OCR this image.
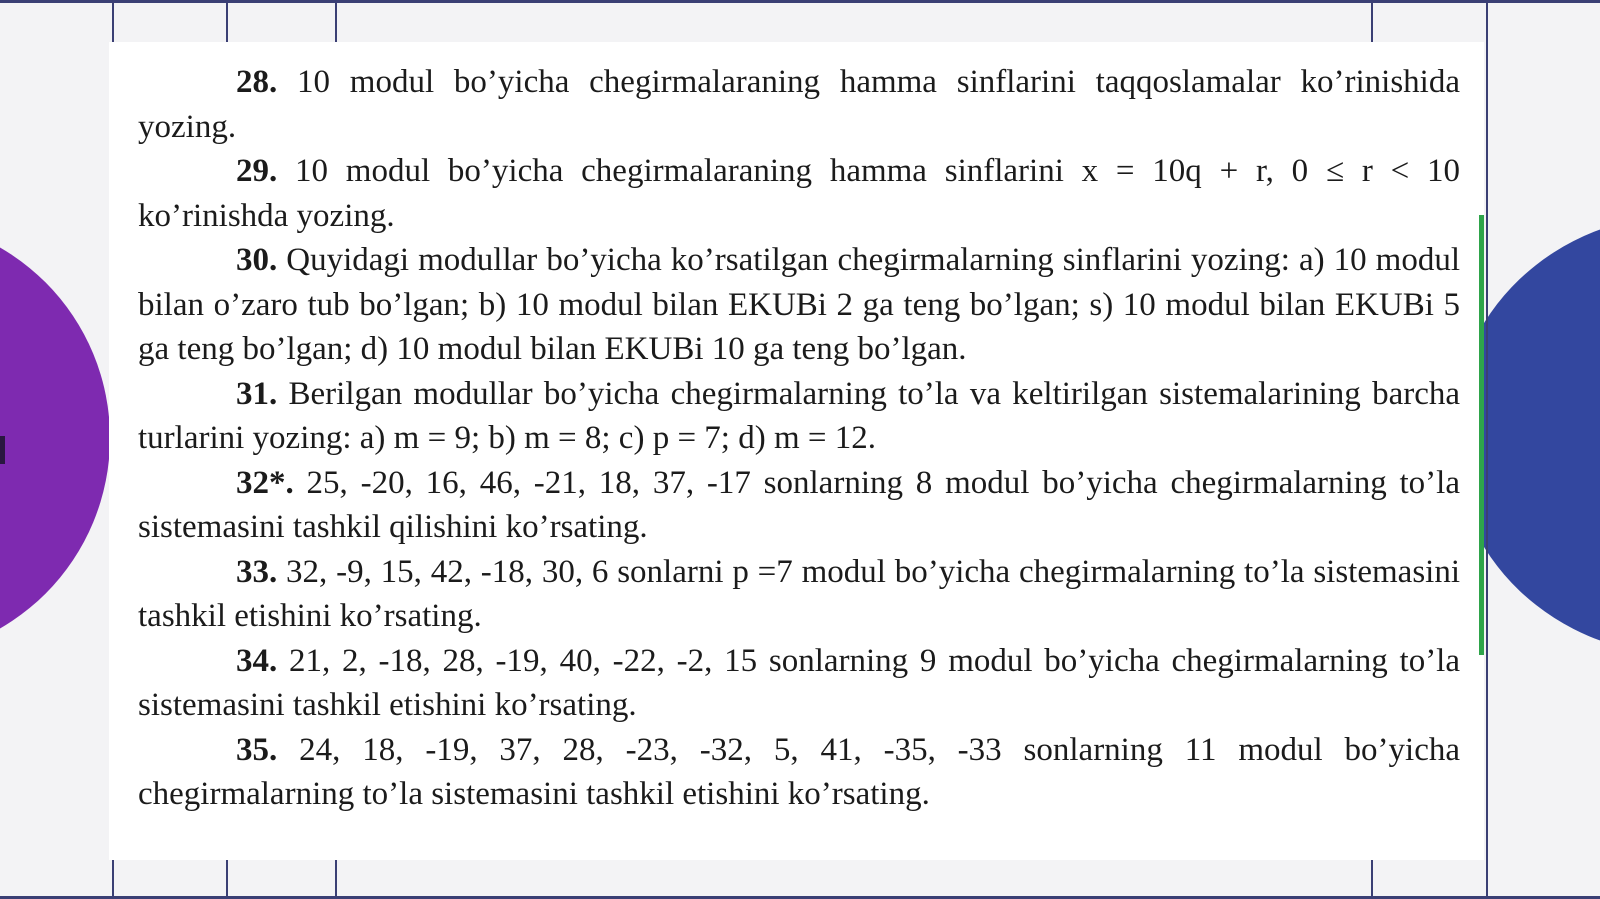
28. 10 modul bo’yicha chegirmalaraning hamma sinflarini taqqoslamalar ko’rinishida yozing.

29. 10 modul bo’yicha chegirmalaraning hamma sinflarini x = 10q + r, 0 ≤ r < 10 ko’rinishda yozing.

30. Quyidagi modullar bo’yicha ko’rsatilgan chegirmalarning sinflarini yozing: a) 10 modul bilan o’zaro tub bo’lgan; b) 10 modul bilan EKUBi 2 ga teng bo’lgan; s) 10 modul bilan EKUBi 5 ga teng bo’lgan; d) 10 modul bilan EKUBi 10 ga teng bo’lgan.

31. Berilgan modullar bo’yicha chegirmalarning to’la va keltirilgan sistemalarining barcha turlarini yozing: a) m = 9; b) m = 8; c) p = 7; d) m = 12.

32*. 25, -20, 16, 46, -21, 18, 37, -17 sonlarning 8 modul bo’yicha chegirmalarning to’la sistemasini tashkil qilishini ko’rsating.

33. 32, -9, 15, 42, -18, 30, 6 sonlarni p =7 modul bo’yicha chegirmalarning to’la sistemasini tashkil etishini ko’rsating.

34. 21, 2, -18, 28, -19, 40, -22, -2, 15 sonlarning 9 modul bo’yicha chegirmalarning to’la sistemasini tashkil etishini ko’rsating.

35. 24, 18, -19, 37, 28, -23, -32, 5, 41, -35, -33 sonlarning 11 modul bo’yicha chegirmalarning to’la sistemasini tashkil etishini ko’rsating.
